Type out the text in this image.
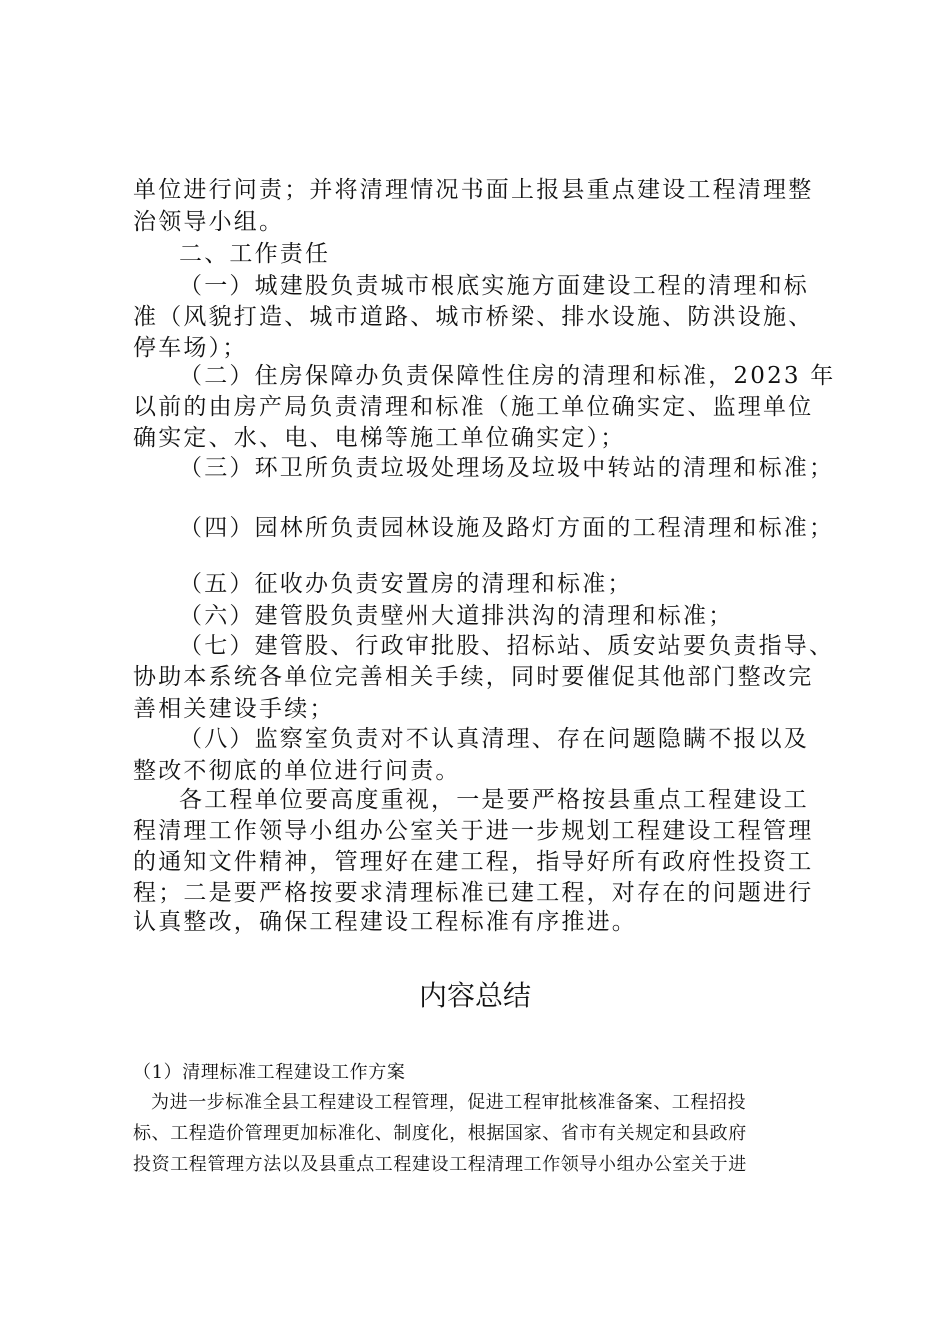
单位进行问责；并将清理情况书面上报县重点建设工程清理整

治领导小组。

二、工作责任

（一）城建股负责城市根底实施方面建设工程的清理和标

准（风貌打造、城市道路、城市桥梁、排水设施、防洪设施、

停车场）；

（二）住房保障办负责保障性住房的清理和标准，2023 年

以前的由房产局负责清理和标准（施工单位确实定、监理单位

确实定、水、电、电梯等施工单位确实定）；

（三）环卫所负责垃圾处理场及垃圾中转站的清理和标准；

（四）园林所负责园林设施及路灯方面的工程清理和标准；

（五）征收办负责安置房的清理和标准；

（六）建管股负责壁州大道排洪沟的清理和标准；

（七）建管股、行政审批股、招标站、质安站要负责指导、

协助本系统各单位完善相关手续，同时要催促其他部门整改完

善相关建设手续；

（八）监察室负责对不认真清理、存在问题隐瞒不报以及

整改不彻底的单位进行问责。

各工程单位要高度重视，一是要严格按县重点工程建设工

程清理工作领导小组办公室关于进一步规划工程建设工程管理

的通知文件精神，管理好在建工程，指导好所有政府性投资工

程；二是要严格按要求清理标准已建工程，对存在的问题进行

认真整改，确保工程建设工程标准有序推进。

内容总结

（1）清理标准工程建设工作方案

为进一步标准全县工程建设工程管理，促进工程审批核准备案、工程招投

标、工程造价管理更加标准化、制度化，根据国家、省市有关规定和县政府

投资工程管理方法以及县重点工程建设工程清理工作领导小组办公室关于进
